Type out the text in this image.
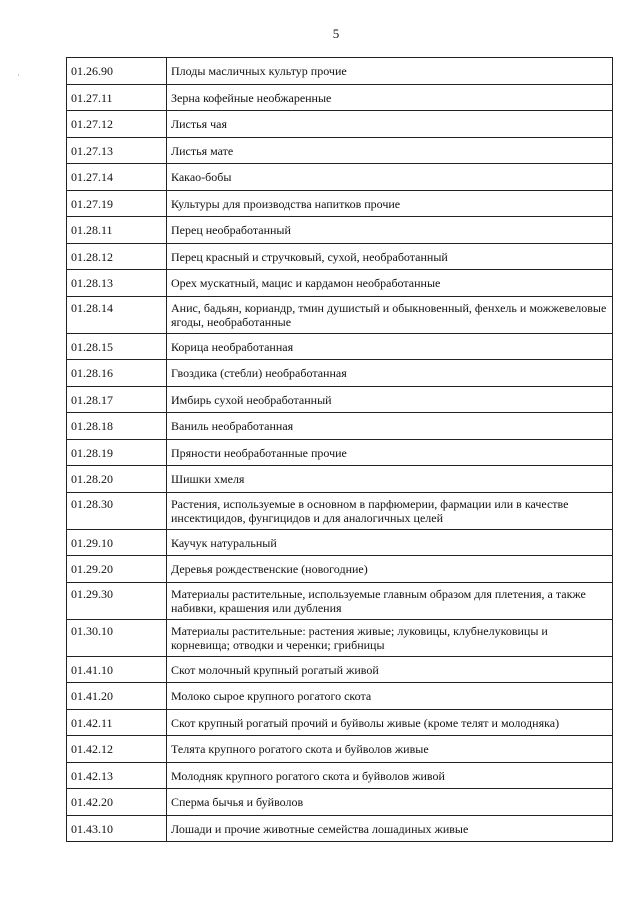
5
·	01.26.90	Плоды масличных культур прочие
01.27.11	Зерна кофейные необжаренные
01.27.12	Листья чая
01.27.13	Листья мате
01.27.14	Какао-бобы
01.27.19	Культуры для производства напитков прочие
01.28.11	Перец необработанный
01.28.12	Перец красный и стручковый, сухой, необработанный
01.28.13	Орех мускатный, мацис и кардамон необработанные
01.28.14	Анис, бадьян, кориандр, тмин душистый и обыкновенный, фенхель и можжевеловые ягоды, необработанные
01.28.15	Корица необработанная
01.28.16	Гвоздика (стебли) необработанная
01.28.17	Имбирь сухой необработанный
01.28.18	Ваниль необработанная
01.28.19	Пряности необработанные прочие
01.28.20	Шишки хмеля
01.28.30	Растения, используемые в основном в парфюмерии, фармации или в качестве инсектицидов, фунгицидов и для аналогичных целей
01.29.10	Каучук натуральный
01.29.20	Деревья рождественские (новогодние)
01.29.30	Материалы растительные, используемые главным образом для плетения, а также набивки, крашения или дубления
01.30.10	Материалы растительные: растения живые; луковицы, клубнелуковицы и корневища; отводки и черенки; грибницы
01.41.10	Скот молочный крупный рогатый живой
01.41.20	Молоко сырое крупного рогатого скота
01.42.11	Скот крупный рогатый прочий и буйволы живые (кроме телят и молодняка)
01.42.12	Телята крупного рогатого скота и буйволов живые
01.42.13	Молодняк крупного рогатого скота и буйволов живой
01.42.20	Сперма бычья и буйволов
01.43.10	Лошади и прочие животные семейства лошадиных живые
